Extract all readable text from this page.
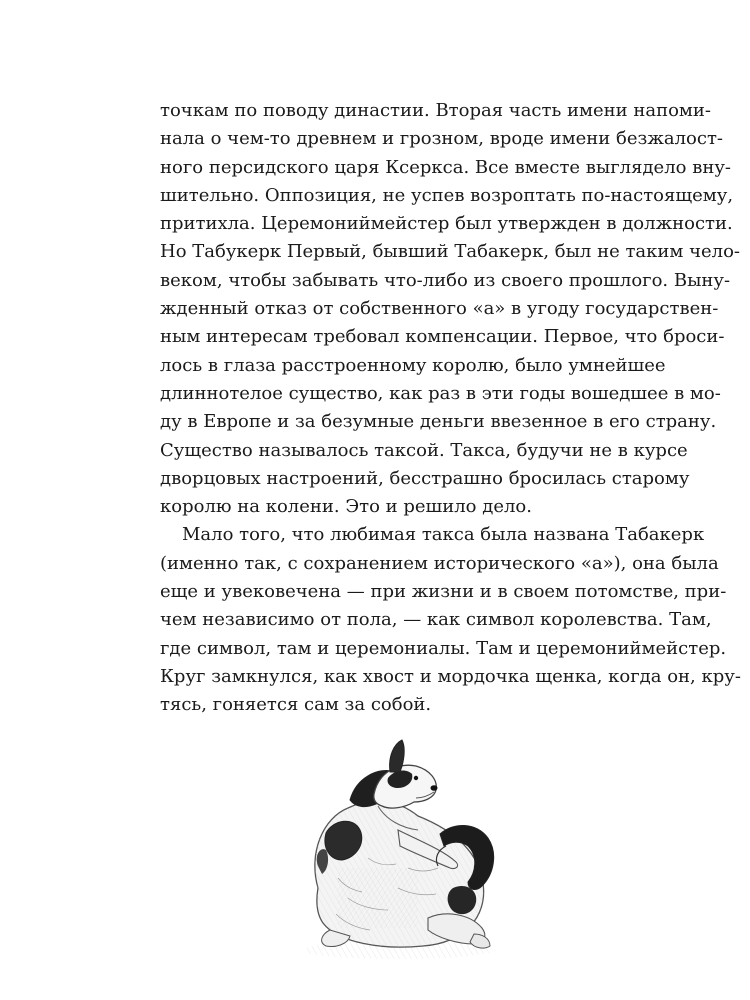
точкам по поводу династии. Вторая часть имени напоми-
нала о чем-то древнем и грозном, вроде имени безжалост-
ного персидского царя Ксеркса. Все вместе выглядело вну-
шительно. Оппозиция, не успев возроптать по-настоящему,
притихла. Церемониймейстер был утвержден в должности.
Но Табукерк Первый, бывший Табакерк, был не таким чело-
веком, чтобы забывать что-либо из своего прошлого. Выну-
жденный отказ от собственного «а» в угоду государствен-
ным интересам требовал компенсации. Первое, что броси-
лось в глаза расстроенному королю, было умнейшее
длиннотелое существо, как раз в эти годы вошедшее в мо-
ду в Европе и за безумные деньги ввезенное в его страну.
Существо называлось таксой. Такса, будучи не в курсе
дворцовых настроений, бесстрашно бросилась старому
королю на колени. Это и решило дело.
Мало того, что любимая такса была названа Табакерк
(именно так, с сохранением исторического «а»), она была
еще и увековечена — при жизни и в своем потомстве, при-
чем независимо от пола, — как символ королевства. Там,
где символ, там и церемониалы. Там и церемониймейстер.
Круг замкнулся, как хвост и мордочка щенка, когда он, кру-
тясь, гоняется сам за собой.
